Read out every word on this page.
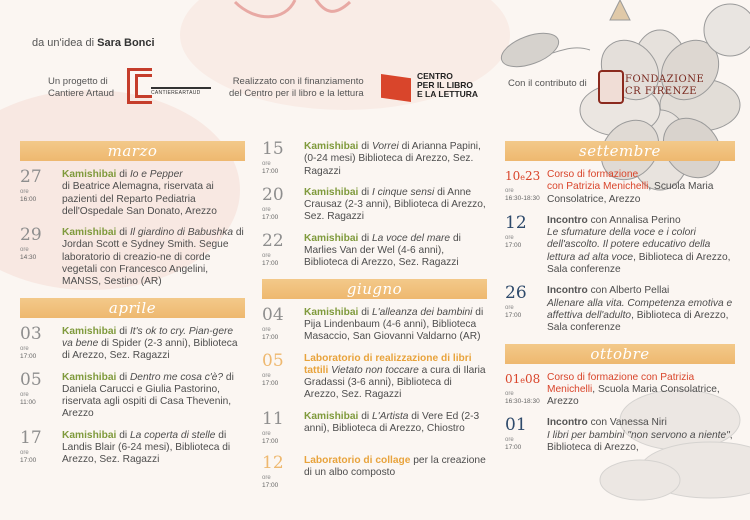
da un'idea di Sara Bonci
Un progetto di
Cantiere Artaud	CANTIEREARTAUD
Realizzato con il finanziamento
del Centro per il libro e la lettura
CENTRO
PER IL LIBRO
E LA LETTURA
Con il contributo di	FONDAZIONE
CR FIRENZE
marzo
27
ore
16:00
Kamishibai di Io e Pepper
di Beatrice Alemagna, riservata ai pazienti del Reparto Pediatria dell'Ospedale San Donato, Arezzo
29
ore
14:30
Kamishibai di Il giardino di Babushka di Jordan Scott e Sydney Smith. Segue laboratorio di creazio-ne di corde vegetali con Francesco Angelini, MANSS, Sestino (AR)
aprile
03
ore
17:00
Kamishibai di It's ok to cry. Pian-gere va bene di Spider (2-3 anni), Biblioteca di Arezzo, Sez. Ragazzi
05
ore
11:00
Kamishibai di Dentro me cosa c'è? di Daniela Carucci e Giulia Pastorino, riservata agli ospiti di Casa Thevenin, Arezzo
17
ore
17:00
Kamishibai di La coperta di stelle di Landis Blair (6-24 mesi), Biblioteca di Arezzo, Sez. Ragazzi
15
ore
17:00
Kamishibai di Vorrei di Arianna Papini, (0-24 mesi) Biblioteca di Arezzo, Sez. Ragazzi
20
ore
17:00
Kamishibai di I cinque sensi di Anne Crausaz (2-3 anni), Biblioteca di Arezzo, Sez. Ragazzi
22
ore
17:00
Kamishibai di La voce del mare di Marlies Van der Wel (4-6 anni), Biblioteca di Arezzo, Sez. Ragazzi
giugno
04
ore
17:00
Kamishibai di L'alleanza dei bambini di Pija Lindenbaum (4-6 anni), Biblioteca Masaccio, San Giovanni Valdarno (AR)
05
ore
17:00
Laboratorio di realizzazione di libri tattili Vietato non toccare a cura di Ilaria Gradassi (3-6 anni), Biblioteca di Arezzo, Sez. Ragazzi
11
ore
17:00
Kamishibai di L'Artista di Vere Ed (2-3 anni), Biblioteca di Arezzo, Chiostro
12
ore
17:00
Laboratorio di collage per la creazione di un albo composto
settembre
10e23
ore
16:30-18:30
Corso di formazione
con Patrizia Menichelli, Scuola Maria Consolatrice, Arezzo
12
ore
17:00
Incontro con Annalisa Perino
Le sfumature della voce e i colori dell'ascolto. Il potere educativo della lettura ad alta voce, Biblioteca di Arezzo, Sala conferenze
26
ore
17:00
Incontro con Alberto Pellai
Allenare alla vita. Competenza emotiva e affettiva dell'adulto, Biblioteca di Arezzo, Sala conferenze
ottobre
01e08
ore
16:30-18:30
Corso di formazione con Patrizia Menichelli, Scuola Maria Consolatrice, Arezzo
01
ore
17:00
Incontro con Vanessa Niri
I libri per bambini "non servono a niente", Biblioteca di Arezzo,
